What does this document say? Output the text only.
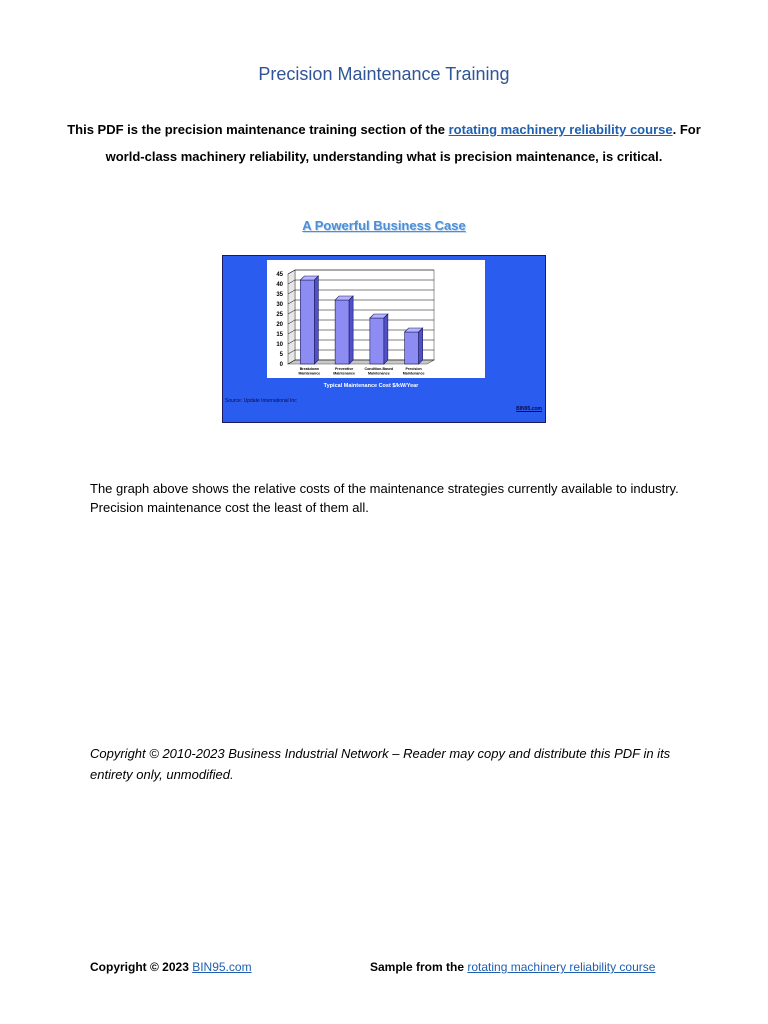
Precision Maintenance Training
This PDF is the precision maintenance training section of the rotating machinery reliability course. For world-class machinery reliability, understanding what is precision maintenance, is critical.
A Powerful Business Case
0
5
10
15
20
25
30
35
40
45
Breakdown
Maintenance
Preventive
Maintenance
Condition-Based
Maintenance
Precision
Maintenance
Typical Maintenance Cost $/kW/Year
Source: Update International Inc
BIN95.com
The graph above shows the relative costs of the maintenance strategies currently available to industry. Precision maintenance cost the least of them all.
Copyright © 2010-2023 Business Industrial Network – Reader may copy and distribute this PDF in its entirety only, unmodified.
Copyright © 2023 BIN95.com	Sample from the rotating machinery reliability course
